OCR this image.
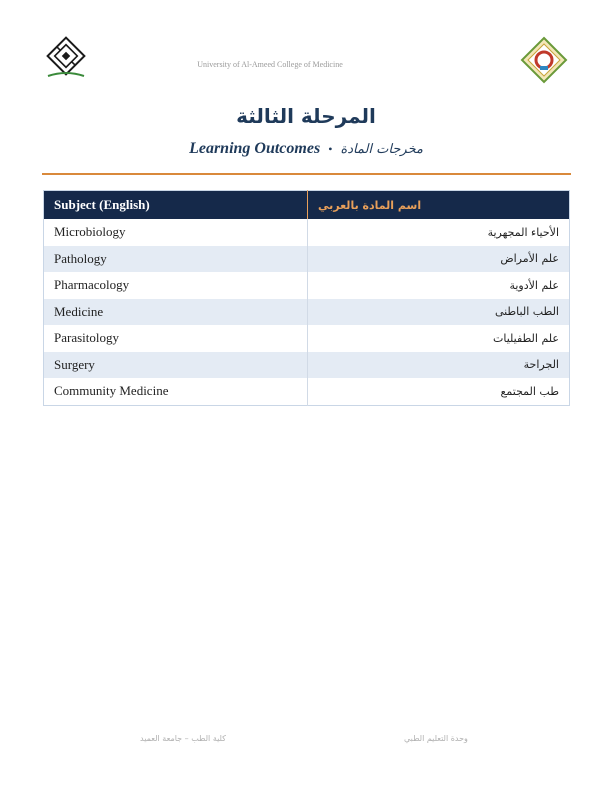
University of Al-Ameed College of Medicine
المرحلة الثالثة
Learning Outcomes • مخرجات المادة
Subject (English)	اسم المادة بالعربي

Microbiology	الأحياء المجهرية
Pathology	علم الأمراض
Pharmacology	علم الأدوية
Medicine	الطب الباطنى
Parasitology	علم الطفيليات
Surgery	الجراحة
Community Medicine	طب المجتمع
كلية الطب – جامعة العميد	وحدة التعليم الطبي
